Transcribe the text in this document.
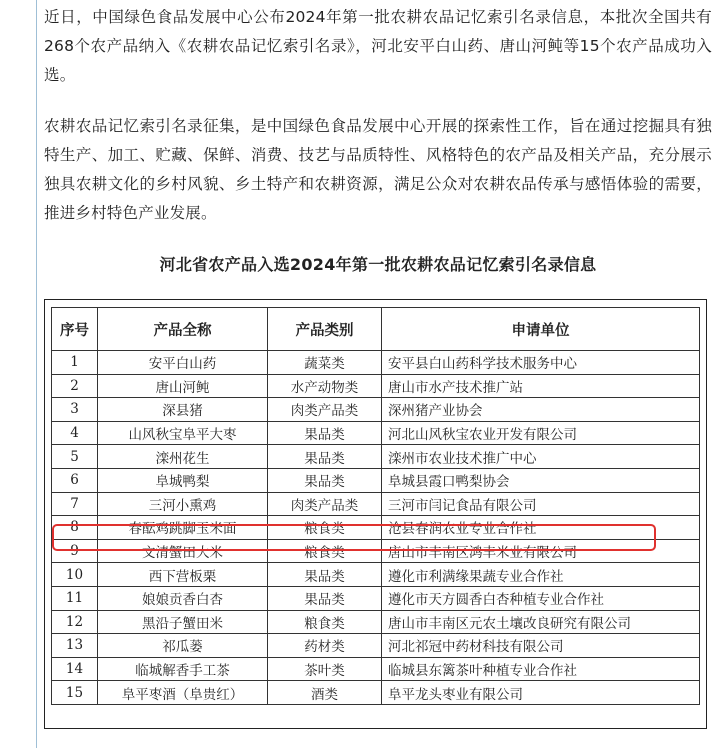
近日，中国绿色食品发展中心公布2024年第一批农耕农品记忆索引名录信息，本批次全国共有268个农产品纳入《农耕农品记忆索引名录》，河北安平白山药、唐山河鲀等15个农产品成功入选。

农耕农品记忆索引名录征集，是中国绿色食品发展中心开展的探索性工作，旨在通过挖掘具有独特生产、加工、贮藏、保鲜、消费、技艺与品质特性、风格特色的农产品及相关产品，充分展示独具农耕文化的乡村风貌、乡土特产和农耕资源，满足公众对农耕农品传承与感悟体验的需要，推进乡村特色产业发展。

河北省农产品入选2024年第一批农耕农品记忆索引名录信息
序号	产品全称	产品类别	申请单位
1	安平白山药	蔬菜类	安平县白山药科学技术服务中心
2	唐山河鲀	水产动物类	唐山市水产技术推广站
3	深县猪	肉类产品类	深州猪产业协会
4	山风秋宝阜平大枣	果品类	河北山风秋宝农业开发有限公司
5	滦州花生	果品类	滦州市农业技术推广中心
6	阜城鸭梨	果品类	阜城县霞口鸭梨协会
7	三河小熏鸡	肉类产品类	三河市闫记食品有限公司
8	春酝鸡跳脚玉米面	粮食类	沧县春润农业专业合作社
9	文清蟹田大米	粮食类	唐山市丰南区鸿丰米业有限公司
10	西下营板栗	果品类	遵化市利满缘果蔬专业合作社
11	娘娘贡香白杏	果品类	遵化市天方圆香白杏种植专业合作社
12	黑沿子蟹田米	粮食类	唐山市丰南区元农土壤改良研究有限公司
13	祁瓜蒌	药材类	河北祁冠中药材科技有限公司
14	临城解香手工茶	茶叶类	临城县东篱茶叶种植专业合作社
15	阜平枣酒（阜贵红）	酒类	阜平龙头枣业有限公司
